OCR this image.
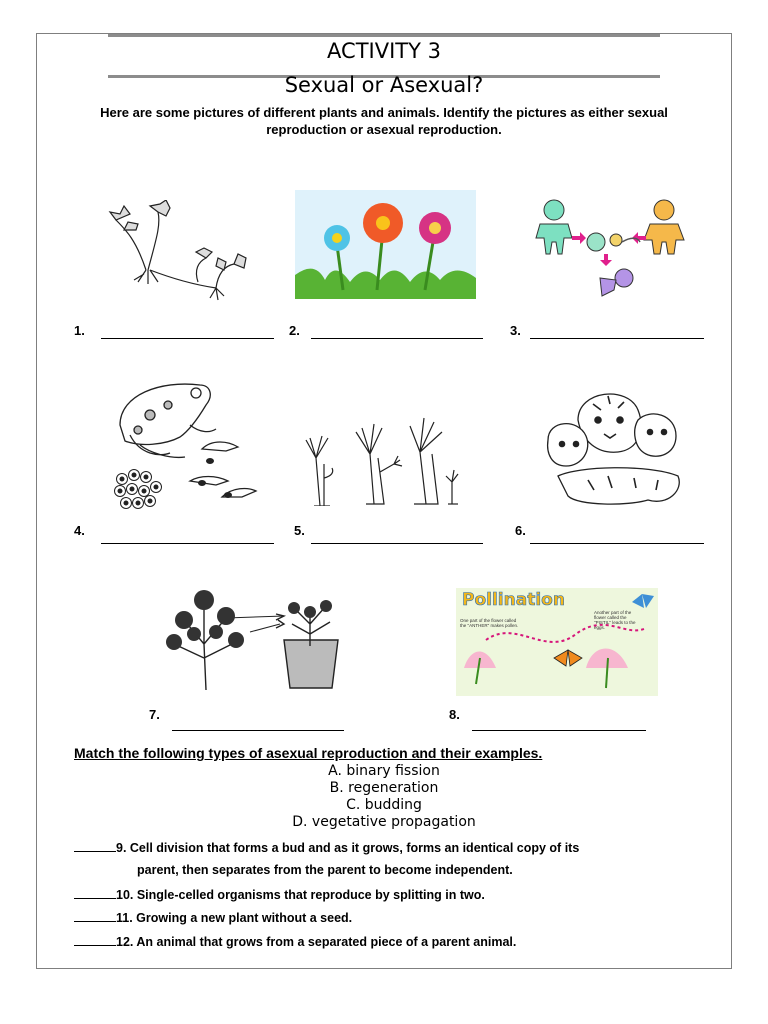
ACTIVITY 3
Sexual or Asexual?
Here are some pictures of different plants and animals. Identify the pictures as either sexual
reproduction or asexual reproduction.
1.	2.	3.
4.	5.	6.
7.
Pollination
One part of the flower called the "ANTHER" makes pollen.
Another part of the flower called the "PISTIL" leads to the eggs.
8.
Match the following types of asexual reproduction and their examples.
A. binary fission
B. regeneration
C. budding
D. vegetative propagation
9. Cell division that forms a bud and as it grows, forms an identical copy of its
parent, then separates from the parent to become independent.
10. Single-celled organisms that reproduce by splitting in two.
11. Growing a new plant without a seed.
12. An animal that grows from a separated piece of a parent animal.
